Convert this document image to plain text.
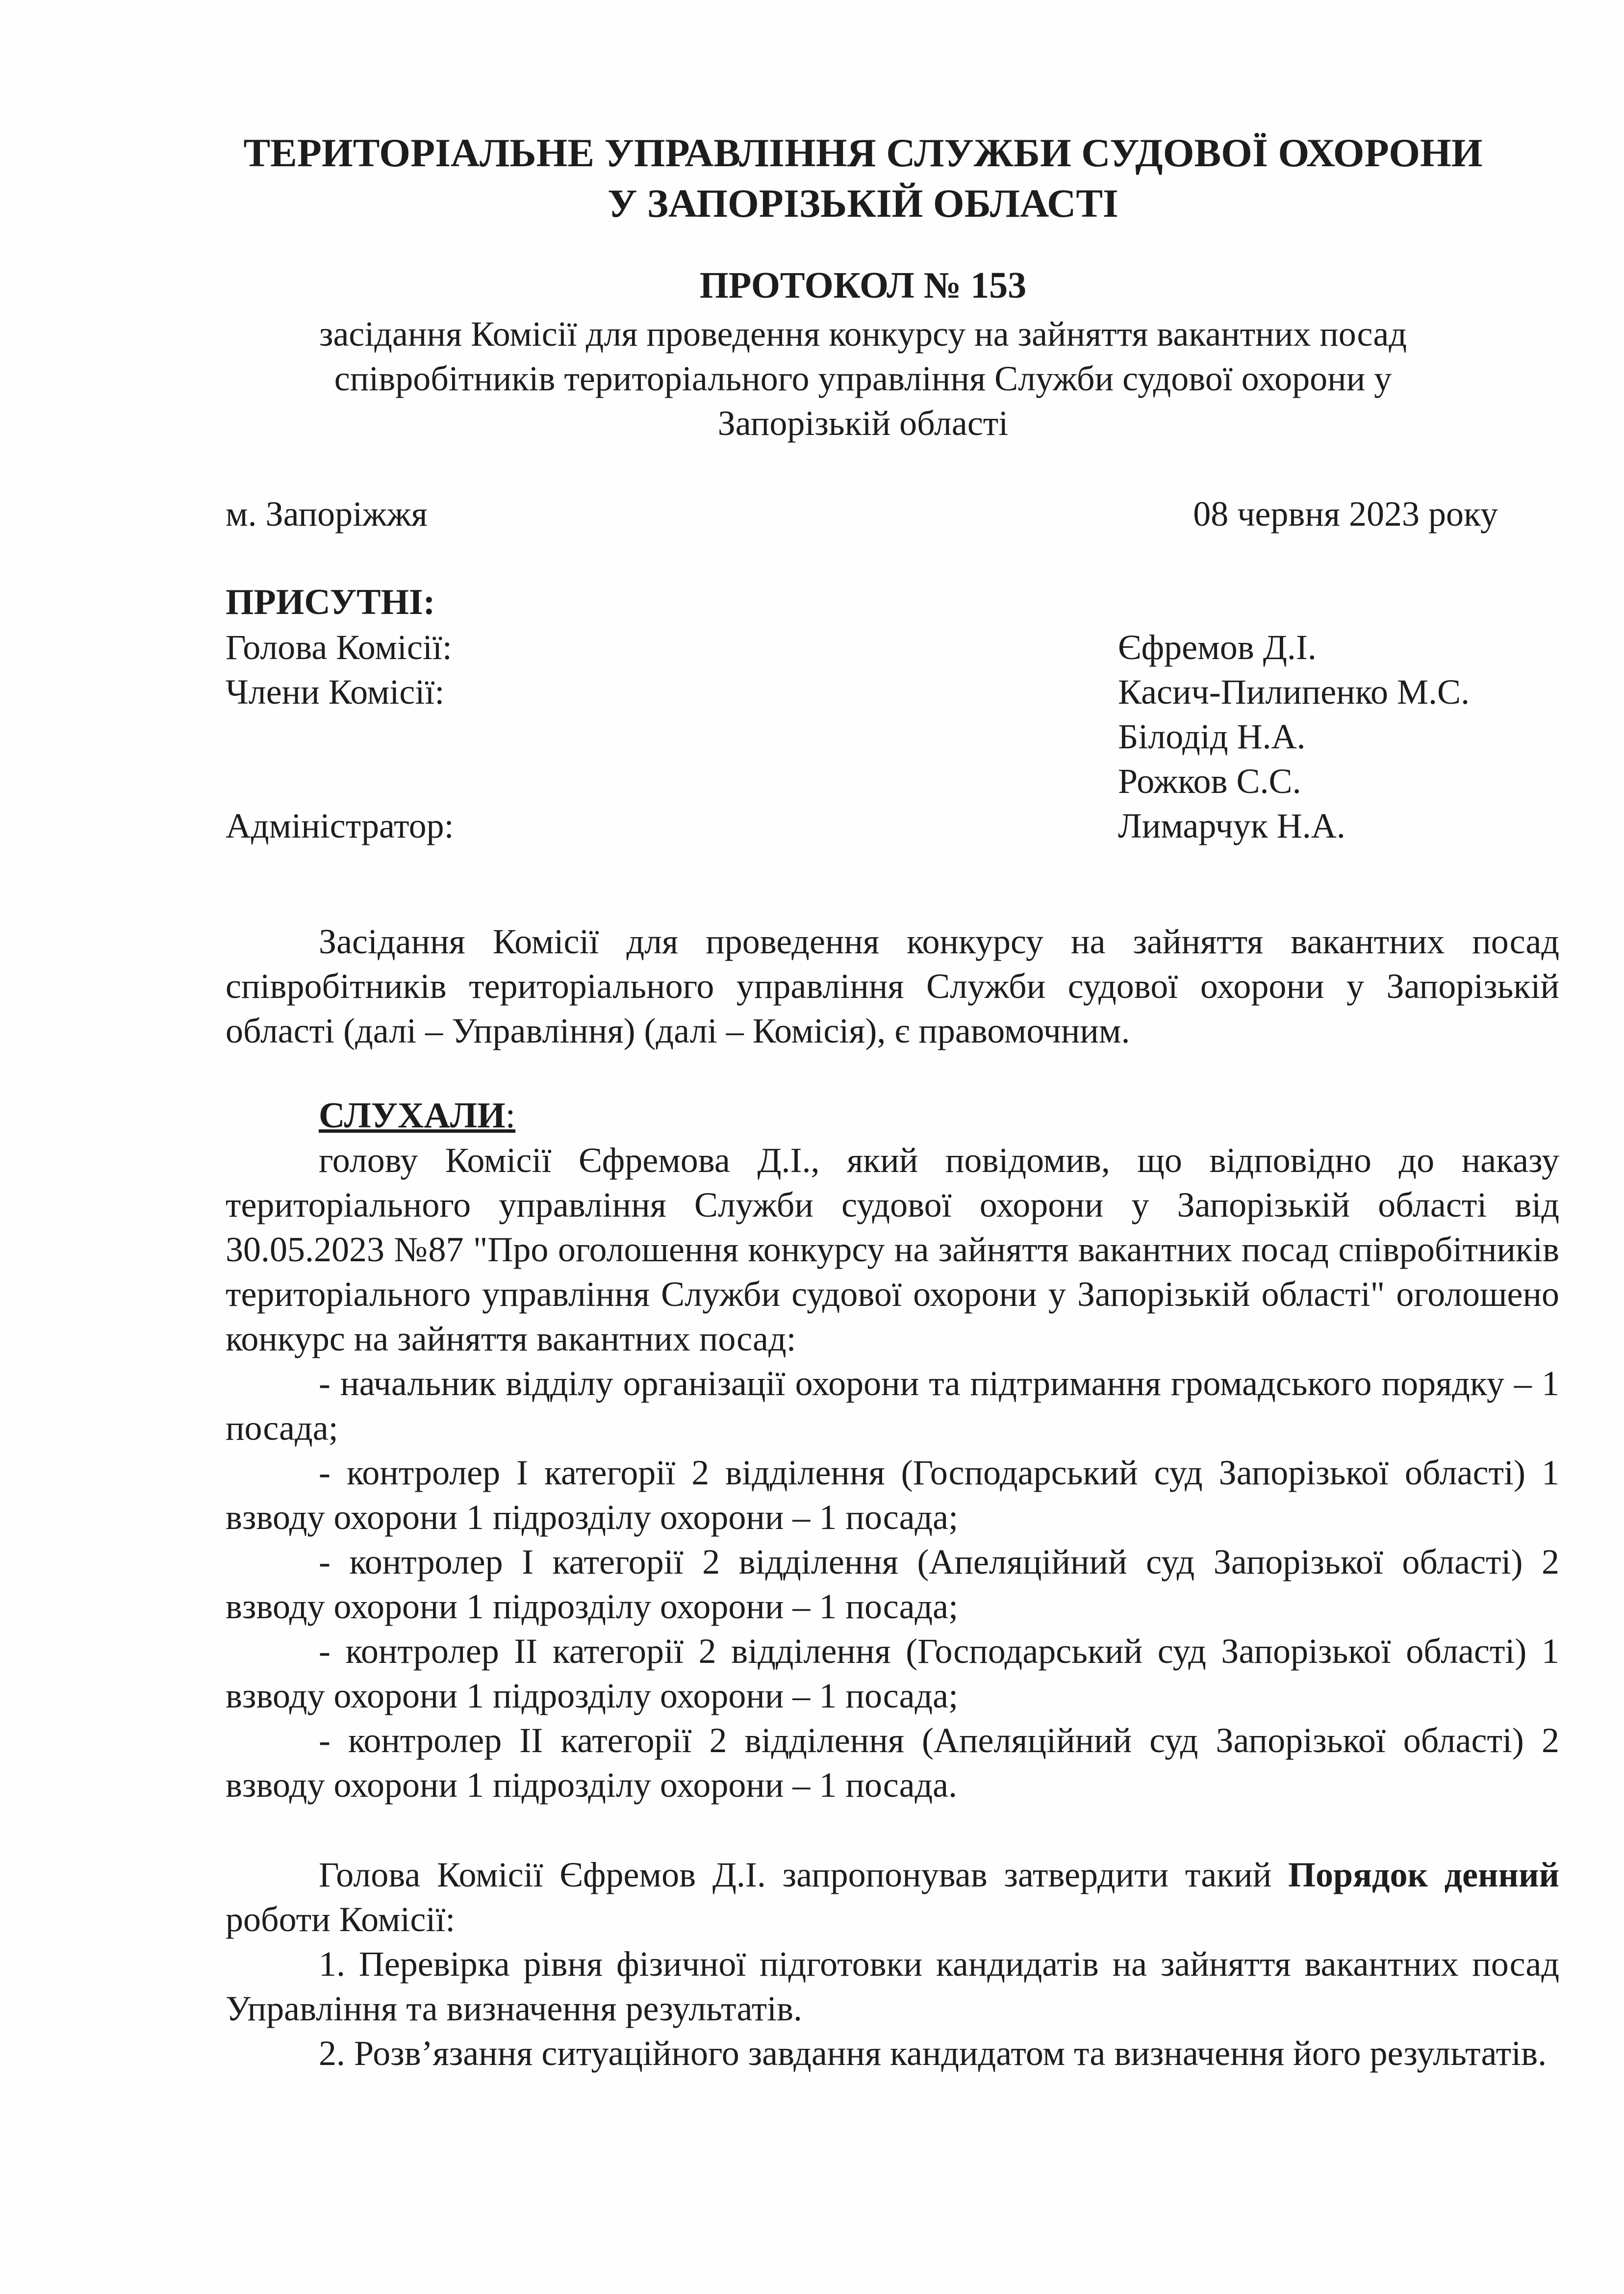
ТЕРИТОРІАЛЬНЕ УПРАВЛІННЯ СЛУЖБИ СУДОВОЇ ОХОРОНИ
У ЗАПОРІЗЬКІЙ ОБЛАСТІ
ПРОТОКОЛ № 153
засідання Комісії для проведення конкурсу на зайняття вакантних посад
співробітників територіального управління Служби судової охорони у
Запорізькій області
м. Запоріжжя	08 червня 2023 року
ПРИСУТНІ:
Голова Комісії:	Єфремов Д.І.
Члени Комісії:	Касич-Пилипенко М.С.
Білодід Н.А.
Рожков С.С.
Адміністратор:	Лимарчук Н.А.

Засідання Комісії для проведення конкурсу на зайняття вакантних посад співробітників територіального управління Служби судової охорони у Запорізькій області (далі – Управління) (далі – Комісія), є правомочним.

СЛУХАЛИ:

голову Комісії Єфремова Д.І., який повідомив, що відповідно до наказу територіального управління Служби судової охорони у Запорізькій області від 30.05.2023 №87 "Про оголошення конкурсу на зайняття вакантних посад співробітників територіального управління Служби судової охорони у Запорізькій області" оголошено конкурс на зайняття вакантних посад:

- начальник відділу організації охорони та підтримання громадського порядку – 1 посада;

- контролер І категорії 2 відділення (Господарський суд Запорізької області) 1 взводу охорони 1 підрозділу охорони – 1 посада;

- контролер І категорії 2 відділення (Апеляційний суд Запорізької області) 2 взводу охорони 1 підрозділу охорони – 1 посада;

- контролер ІІ категорії 2 відділення (Господарський суд Запорізької області) 1 взводу охорони 1 підрозділу охорони – 1 посада;

- контролер ІІ категорії 2 відділення (Апеляційний суд Запорізької області) 2 взводу охорони 1 підрозділу охорони – 1 посада.

Голова Комісії Єфремов Д.І. запропонував затвердити такий Порядок денний роботи Комісії:

1. Перевірка рівня фізичної підготовки кандидатів на зайняття вакантних посад Управління та визначення результатів.

2. Розв’язання ситуаційного завдання кандидатом та визначення його результатів.
